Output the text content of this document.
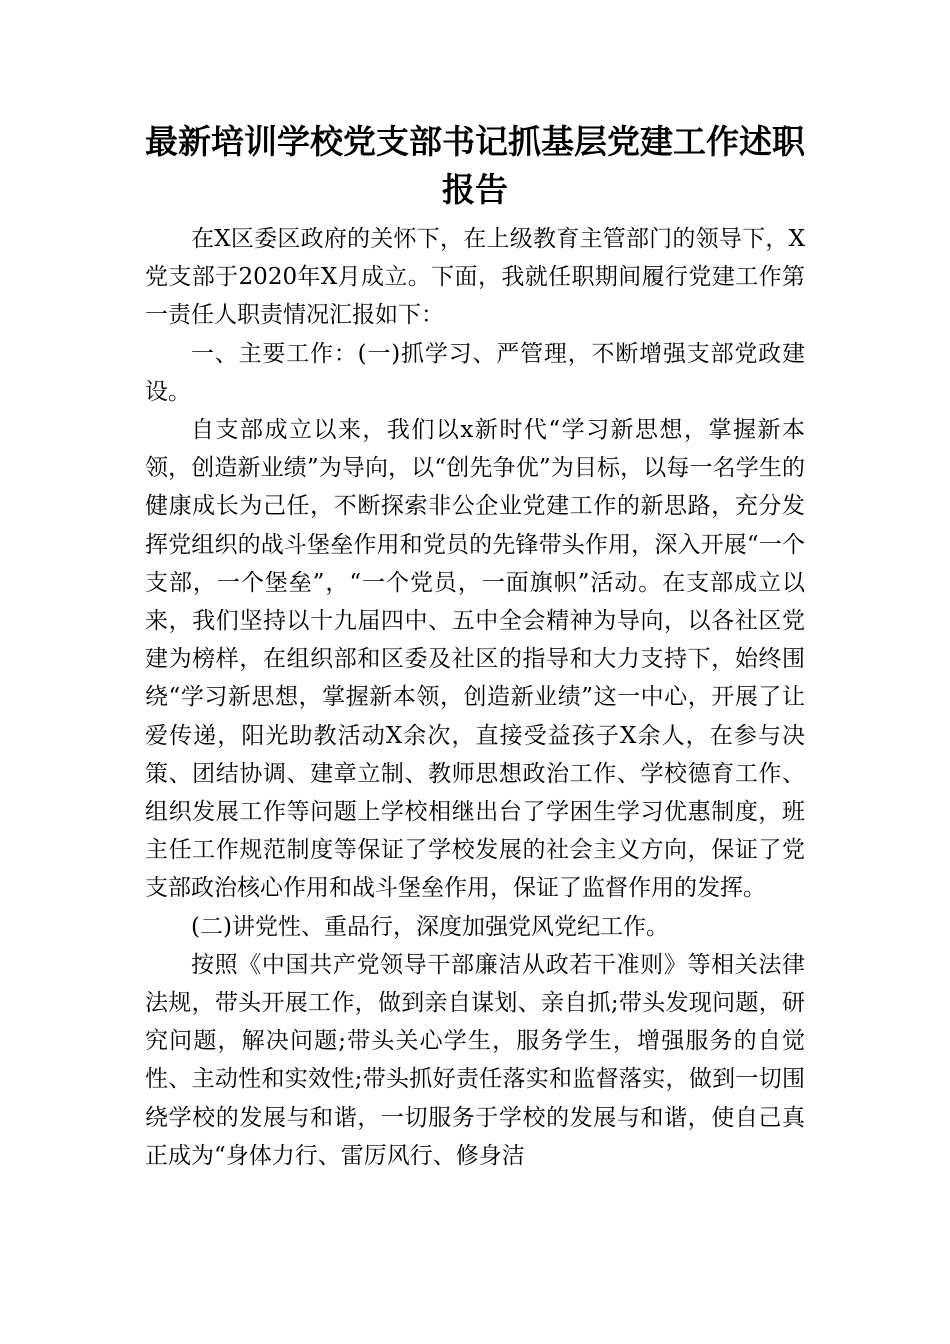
最新培训学校党支部书记抓基层党建工作述职报告

在X区委区政府的关怀下，在上级教育主管部门的领导下，X党支部于2020年X月成立。下面，我就任职期间履行党建工作第一责任人职责情况汇报如下：

一、主要工作：(一)抓学习、严管理，不断增强支部党政建设。

自支部成立以来，我们以x新时代“学习新思想，掌握新本领，创造新业绩”为导向，以“创先争优”为目标，以每一名学生的健康成长为己任，不断探索非公企业党建工作的新思路，充分发挥党组织的战斗堡垒作用和党员的先锋带头作用，深入开展“一个支部，一个堡垒”，“一个党员，一面旗帜”活动。在支部成立以来，我们坚持以十九届四中、五中全会精神为导向，以各社区党建为榜样，在组织部和区委及社区的指导和大力支持下，始终围绕“学习新思想，掌握新本领，创造新业绩”这一中心，开展了让爱传递，阳光助教活动X余次，直接受益孩子X余人，在参与决策、团结协调、建章立制、教师思想政治工作、学校德育工作、组织发展工作等问题上学校相继出台了学困生学习优惠制度，班主任工作规范制度等保证了学校发展的社会主义方向，保证了党支部政治核心作用和战斗堡垒作用，保证了监督作用的发挥。

(二)讲党性、重品行，深度加强党风党纪工作。

按照《中国共产党领导干部廉洁从政若干准则》等相关法律法规，带头开展工作，做到亲自谋划、亲自抓;带头发现问题，研究问题，解决问题;带头关心学生，服务学生，增强服务的自觉性、主动性和实效性;带头抓好责任落实和监督落实，做到一切围绕学校的发展与和谐，一切服务于学校的发展与和谐，使自己真正成为“身体力行、雷厉风行、修身洁
